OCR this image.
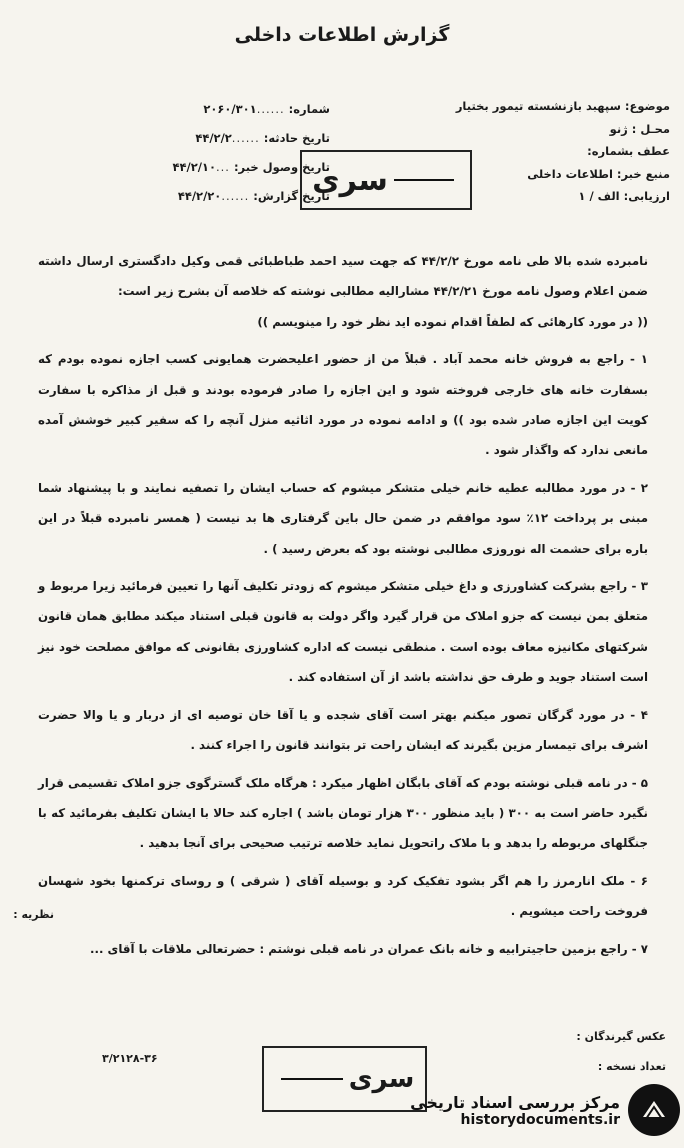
گزارش اطلاعات داخلی
موضوع:
سپهبد بازنشسته تیمور بختیار
محـل :
ژنو
عطف بشماره:
منبع خبر:
اطلاعات داخلی
ارزیابی:
الف / ۱
شماره:
......
۲۰۶۰/۳۰۱
تاریخ حادثه:
......
۴۴/۲/۲
تاریخ وصول خبر:
...
۴۴/۲/۱۰
تاریخ گزارش:
......
۴۴/۲/۲۰	سری

نامبرده شده بالا طی نامه مورخ ۴۴/۲/۲ که جهت سید احمد طباطبائی قمی وکیل دادگستری ارسال داشته ضمن اعلام وصول نامه مورخ ۴۴/۲/۲۱ مشارالیه مطالبی نوشته که خلاصه آن بشرح زیر است:

(( در مورد کارهائی که لطفاً اقدام نموده اید نظر خود را مینویسم ))

۱ - راجع به فروش خانه محمد آباد . قبلاً من از حضور اعلیحضرت همایونی کسب اجازه نموده بودم که بسفارت خانه های خارجی فروخته شود و این اجازه را صادر فرموده بودند و قبل از مذاکره با سفارت کویت این اجازه صادر شده بود )) و ادامه نموده در مورد اثاثیه منزل آنچه را که سفیر کبیر خوشش آمده مانعی ندارد که واگذار شود .

۲ - در مورد مطالبه عطیه خانم خیلی متشکر میشوم که حساب ایشان را تصفیه نمایند و با پیشنهاد شما مبنی بر پرداخت ۱۲٪ سود موافقم در ضمن حال باین گرفتاری ها بد نیست ( همسر نامبرده قبلاً در این باره برای حشمت اله نوروزی مطالبی نوشته بود که بعرض رسید ) .

۳ - راجع بشرکت کشاورزی و داغ خیلی متشکر میشوم که زودتر تکلیف آنها را تعیین فرمائید زیرا مربوط و متعلق بمن نیست که جزو املاک من قرار گیرد واگر دولت به قانون قبلی استناد میکند مطابق همان قانون شرکتهای مکانیزه معاف بوده است . منطقی نیست که اداره کشاورزی بقانونی که موافق مصلحت خود نیز است استناد جوید و طرف حق نداشته باشد از آن استفاده کند .

۴ - در مورد گرگان تصور میکنم بهتر است آقای شجده و یا آقا خان توصیه ای از دربار و یا والا حضرت اشرف برای تیمسار مزین بگیرند که ایشان راحت تر بتوانند قانون را اجراء کنند .

۵ - در نامه قبلی نوشته بودم که آقای بابگان اظهار میکرد : هرگاه ملک گسترگوی جزو املاک تقسیمی قرار نگیرد حاضر است به ۳۰۰ ( باید منظور ۳۰۰ هزار تومان باشد ) اجاره کند حالا با ایشان تکلیف بفرمائید که با جنگلهای مربوطه را بدهد و با ملاک راتحویل نماید خلاصه ترتیب صحیحی برای آنجا بدهید .

۶ - ملک انارمرز را هم اگر بشود تفکیک کرد و بوسیله آقای ( شرقی ) و روسای ترکمنها بخود شهسان فروخت راحت میشویم .

۷ - راجع بزمین حاجیترابیه و خانه بانک عمران در نامه قبلی نوشتم : حضرتعالی ملاقات با آقای ...

نظریه :
عکس گیرندگان :
تعداد نسخه :
۳/۲۱۲۸-۳۶
سری
مرکز بررسی اسناد تاریخی
historydocuments.ir
